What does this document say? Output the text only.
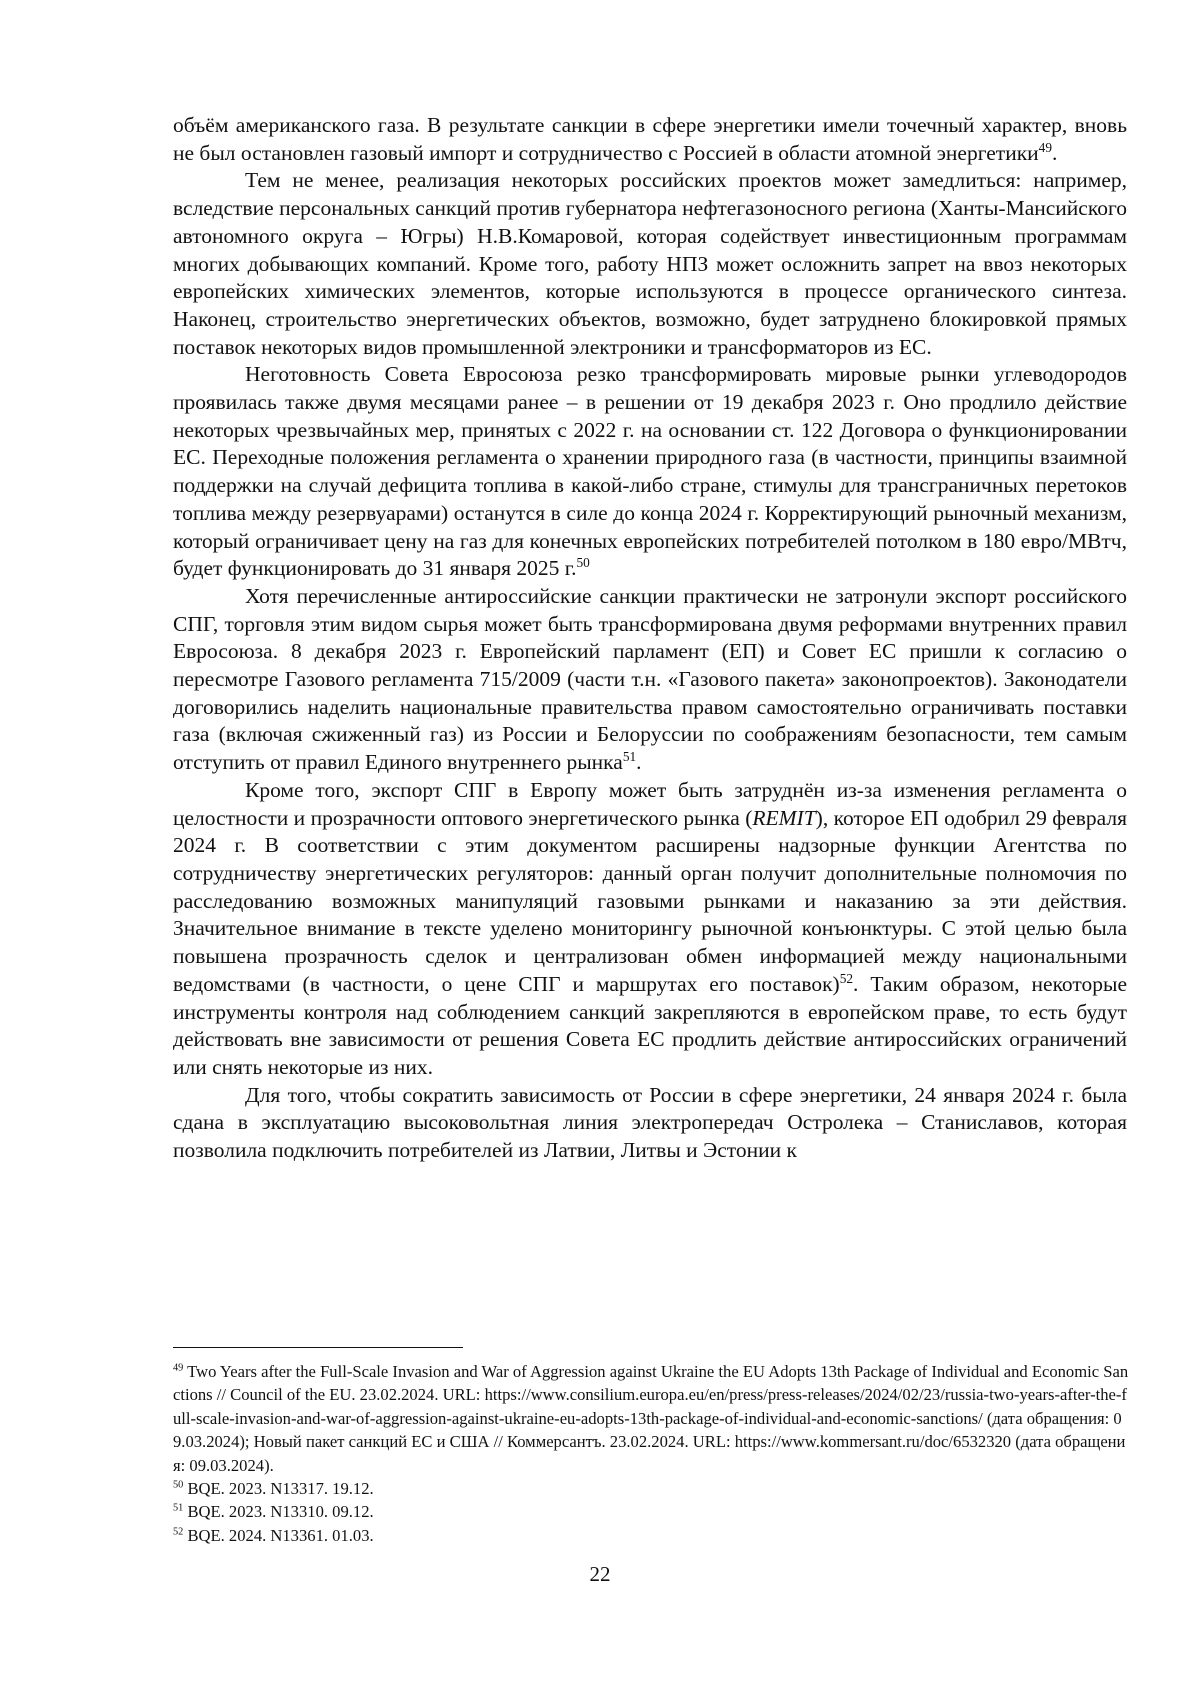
объём американского газа. В результате санкции в сфере энергетики имели точечный характер, вновь не был остановлен газовый импорт и сотрудничество с Россией в области атомной энергетики$^{49}$.

Тем не менее, реализация некоторых российских проектов может замедлиться: например, вследствие персональных санкций против губернатора нефтегазоносного региона (Ханты-Мансийского автономного округа – Югры) Н.В.Комаровой, которая содействует инвестиционным программам многих добывающих компаний. Кроме того, работу НПЗ может осложнить запрет на ввоз некоторых европейских химических элементов, которые используются в процессе органического синтеза. Наконец, строительство энергетических объектов, возможно, будет затруднено блокировкой прямых поставок некоторых видов промышленной электроники и трансформаторов из ЕС.

Неготовность Совета Евросоюза резко трансформировать мировые рынки углеводородов проявилась также двумя месяцами ранее – в решении от 19 декабря 2023 г. Оно продлило действие некоторых чрезвычайных мер, принятых с 2022 г. на основании ст. 122 Договора о функционировании ЕС. Переходные положения регламента о хранении природного газа (в частности, принципы взаимной поддержки на случай дефицита топлива в какой-либо стране, стимулы для трансграничных перетоков топлива между резервуарами) останутся в силе до конца 2024 г. Корректирующий рыночный механизм, который ограничивает цену на газ для конечных европейских потребителей потолком в 180 евро/МВтч, будет функционировать до 31 января 2025 г.$^{50}$

Хотя перечисленные антироссийские санкции практически не затронули экспорт российского СПГ, торговля этим видом сырья может быть трансформирована двумя реформами внутренних правил Евросоюза. 8 декабря 2023 г. Европейский парламент (ЕП) и Совет ЕС пришли к согласию о пересмотре Газового регламента 715/2009 (части т.н. «Газового пакета» законопроектов). Законодатели договорились наделить национальные правительства правом самостоятельно ограничивать поставки газа (включая сжиженный газ) из России и Белоруссии по соображениям безопасности, тем самым отступить от правил Единого внутреннего рынка$^{51}$.

Кроме того, экспорт СПГ в Европу может быть затруднён из-за изменения регламента о целостности и прозрачности оптового энергетического рынка (REMIT), которое ЕП одобрил 29 февраля 2024 г. В соответствии с этим документом расширены надзорные функции Агентства по сотрудничеству энергетических регуляторов: данный орган получит дополнительные полномочия по расследованию возможных манипуляций газовыми рынками и наказанию за эти действия. Значительное внимание в тексте уделено мониторингу рыночной конъюнктуры. С этой целью была повышена прозрачность сделок и централизован обмен информацией между национальными ведомствами (в частности, о цене СПГ и маршрутах его поставок)$^{52}$. Таким образом, некоторые инструменты контроля над соблюдением санкций закрепляются в европейском праве, то есть будут действовать вне зависимости от решения Совета ЕС продлить действие антироссийских ограничений или снять некоторые из них.

Для того, чтобы сократить зависимость от России в сфере энергетики, 24 января 2024 г. была сдана в эксплуатацию высоковольтная линия электропередач Остролека – Станиславов, которая позволила подключить потребителей из Латвии, Литвы и Эстонии к

$^{49}$ Two Years after the Full-Scale Invasion and War of Aggression against Ukraine the EU Adopts 13th Package of Individual and Economic Sanctions // Council of the EU. 23.02.2024. URL: https://www.consilium.europa.eu/en/press/press-releases/2024/02/23/russia-two-years-after-the-full-scale-invasion-and-war-of-aggression-against-ukraine-eu-adopts-13th-package-of-individual-and-economic-sanctions/ (дата обращения: 09.03.2024); Новый пакет санкций ЕС и США // Коммерсантъ. 23.02.2024. URL: https://www.kommersant.ru/doc/6532320 (дата обращения: 09.03.2024).

$^{50}$ BQE. 2023. N13317. 19.12.

$^{51}$ BQE. 2023. N13310. 09.12.

$^{52}$ BQE. 2024. N13361. 01.03.

22
